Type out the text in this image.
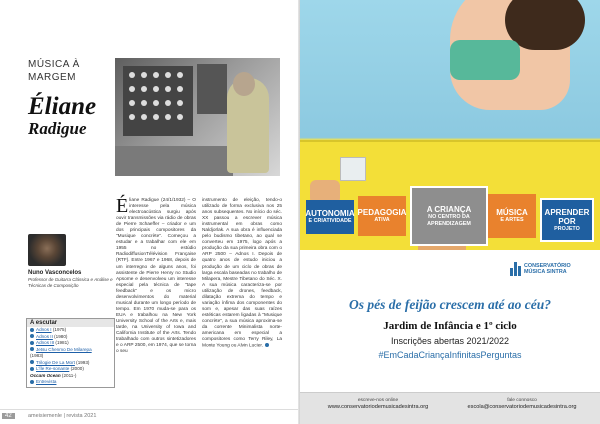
MÚSICA À MARGEM
Éliane
Radigue
Nuno Vasconcelos
Professor de Guitarra Clássica e Análise e Técnicas de Composição
A escutar
Adnos I (1975)
Adnos II (1980)
Adnos III (1981)
Jetsu Chenmo De Milarepa
(1983)
Trilogie De La Mort (1993)
L'Île Re-sonante (2000)
Occam Ocean (2011-)
Entrevista
Éliane Radigue (24/1/1932) – O interesse pela música electroacústica surgiu após ouvir transmissões via rádio de obras de Pierre Schaeffer – criador e um dos principais compositores da "Musique concrète". Começou a estudar e a trabalhar com ele em 1955 no estúdio RadiodiffusionTélévision Française (RTF). Entre 1967 e 1968, depois de um interregno de alguns anos, foi assistente de Pierre Henry no Studio Apsome e desenvolveu um interesse especial pela técnica de "tape feedback" e os micro desenvolvimentos do material musical durante um longo período de tempo. Em 1970 muda-se para os EUA e trabalhou na New York University School of the Arts e, mais tarde, na University of Iowa and California Institute of the Arts. Tendo trabalhado com outros sintetizadores e o ARP 2500, em 1974, que se torna o seu
instrumento de eleição, tendo-o utilizado de forma exclusiva nos 25 anos subsequentes. No início do séc. XX passou a escrever música instrumental em obras como Naldjorlak. A sua obra é influenciada pelo budismo tibetano, ao qual se converteu em 1975, logo após a produção da sua primeira obra com o ARP 2500 – Adnos I. Depois de quatro anos de estudo iniciou a produção de um ciclo de obras de larga escala baseadas no trabalho de Milapera, Mestre Tibetano do Séc. X. A sua música caracteriza-se por utilização de drones, feedback, dilatação extrema do tempo e variação ínfima dos componentes do som e, apesar das suas raízes estéticas estarem ligadas à "Musique concrète", a sua música aproxima-se da corrente Minimalista norte-americana em especial a compositores como Terry Riley, La Monte Young ou Alvin Lucier.
42	ameisiemenle | revista 2021
AUTONOMIA
E CRIATIVIDADE
PEDAGOGIA
ATIVA
A CRIANÇA
NO CENTRO DA APRENDIZAGEM
MÚSICA
E ARTES
APRENDER POR
PROJETO
CONSERVATÓRIO
MÚSICA SINTRA
Os pés de feijão crescem até ao céu?
Jardim de Infância e 1º ciclo
Inscrições abertas 2021/2022
#EmCadaCriançaInfinitasPerguntas
escreve-nos online
www.conservatoriodemusicadesintra.org
fale connosco
escola@conservatoriodemusicadesintra.org
